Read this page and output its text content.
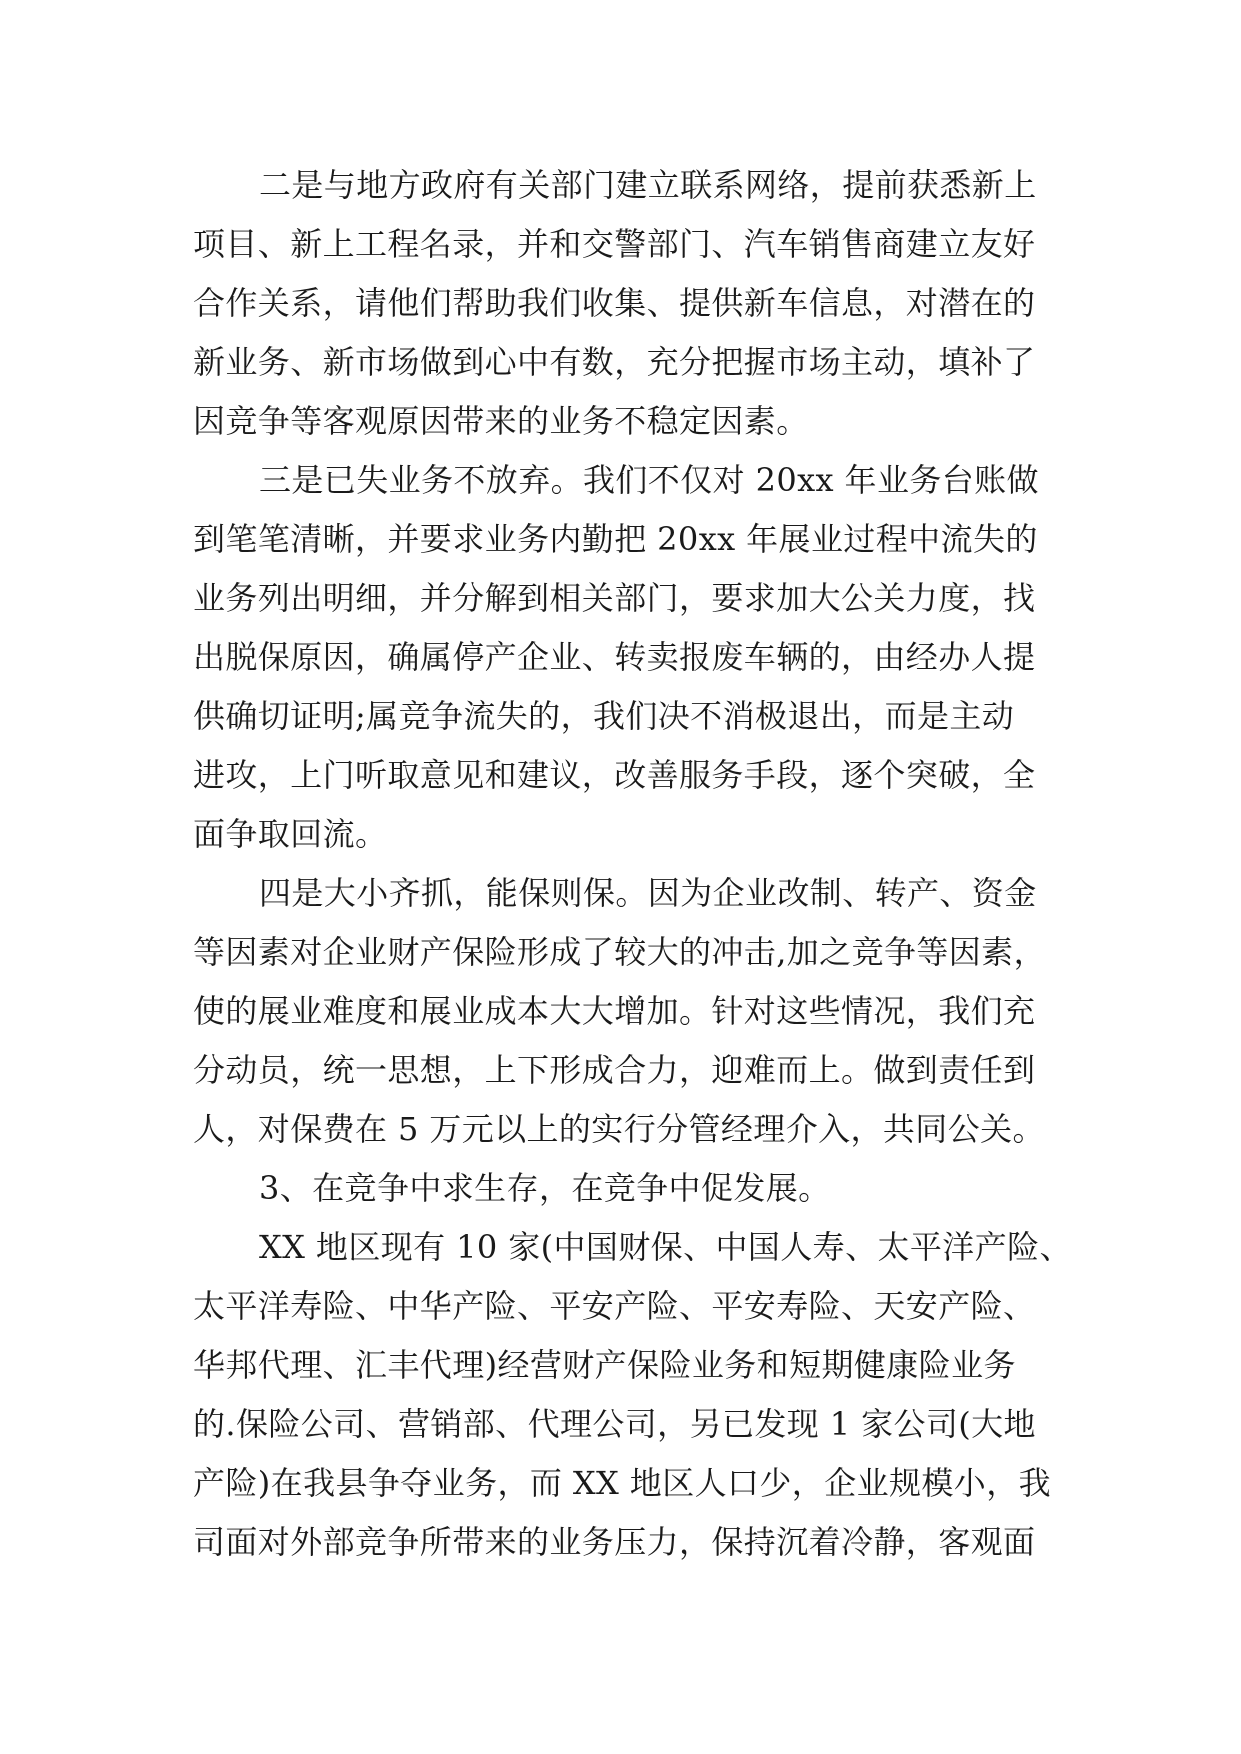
二是与地方政府有关部门建立联系网络，提前获悉新上
项目、新上工程名录，并和交警部门、汽车销售商建立友好
合作关系，请他们帮助我们收集、提供新车信息，对潜在的
新业务、新市场做到心中有数，充分把握市场主动，填补了
因竞争等客观原因带来的业务不稳定因素。
三是已失业务不放弃。我们不仅对 20xx 年业务台账做
到笔笔清晰，并要求业务内勤把 20xx 年展业过程中流失的
业务列出明细，并分解到相关部门，要求加大公关力度，找
出脱保原因，确属停产企业、转卖报废车辆的，由经办人提
供确切证明;属竞争流失的，我们决不消极退出，而是主动
进攻，上门听取意见和建议，改善服务手段，逐个突破，全
面争取回流。
四是大小齐抓，能保则保。因为企业改制、转产、资金
等因素对企业财产保险形成了较大的冲击,加之竞争等因素，
使的展业难度和展业成本大大增加。针对这些情况，我们充
分动员，统一思想，上下形成合力，迎难而上。做到责任到
人，对保费在 5 万元以上的实行分管经理介入，共同公关。
3、在竞争中求生存，在竞争中促发展。
XX 地区现有 10 家(中国财保、中国人寿、太平洋产险、
太平洋寿险、中华产险、平安产险、平安寿险、天安产险、
华邦代理、汇丰代理)经营财产保险业务和短期健康险业务
的.保险公司、营销部、代理公司，另已发现 1 家公司(大地
产险)在我县争夺业务，而 XX 地区人口少，企业规模小，我
司面对外部竞争所带来的业务压力，保持沉着冷静，客观面
